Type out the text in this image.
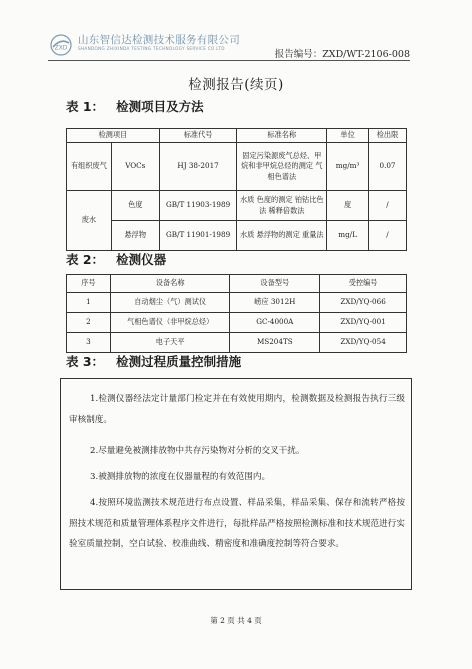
ZXD
山东智信达检测技术服务有限公司
SHANDONG ZHIXINDA TESTING TECHNOLOGY SERVICE CO LTD
报告编号：ZXD/WT-2106-008
检测报告(续页)
表 1： 检测项目及方法
检测项目		标准代号	标准名称	单位	检出限
有组织废气	VOCs	HJ 38-2017	固定污染源废气总烃、甲烷和非甲烷总烃的测定 气相色谱法	mg/m³	0.07
废水	色度	GB/T 11903-1989	水质 色度的测定 铂钴比色法 稀释倍数法	度	/
	悬浮物	GB/T 11901-1989	水质 悬浮物的测定 重量法	mg/L	/
表 2： 检测仪器
序号	设备名称	设备型号	受控编号
1	自动烟尘（气）测试仪	崂应 3012H	ZXD/YQ-066
2	气相色谱仪（非甲烷总烃）	GC-4000A	ZXD/YQ-001
3	电子天平	MS204TS	ZXD/YQ-054
表 3： 检测过程质量控制措施

1.检测仪器经法定计量部门检定并在有效使用期内，检测数据及检测报告执行三级审核制度。

2.尽量避免被测排放物中共存污染物对分析的交叉干扰。

3.被测排放物的浓度在仪器量程的有效范围内。

4.按照环境监测技术规范进行布点设置、样品采集，样品采集、保存和流转严格按照技术规范和质量管理体系程序文件进行，每批样品严格按照检测标准和技术规范进行实验室质量控制，空白试验、校准曲线、精密度和准确度控制等符合要求。

第 2 页 共 4 页
